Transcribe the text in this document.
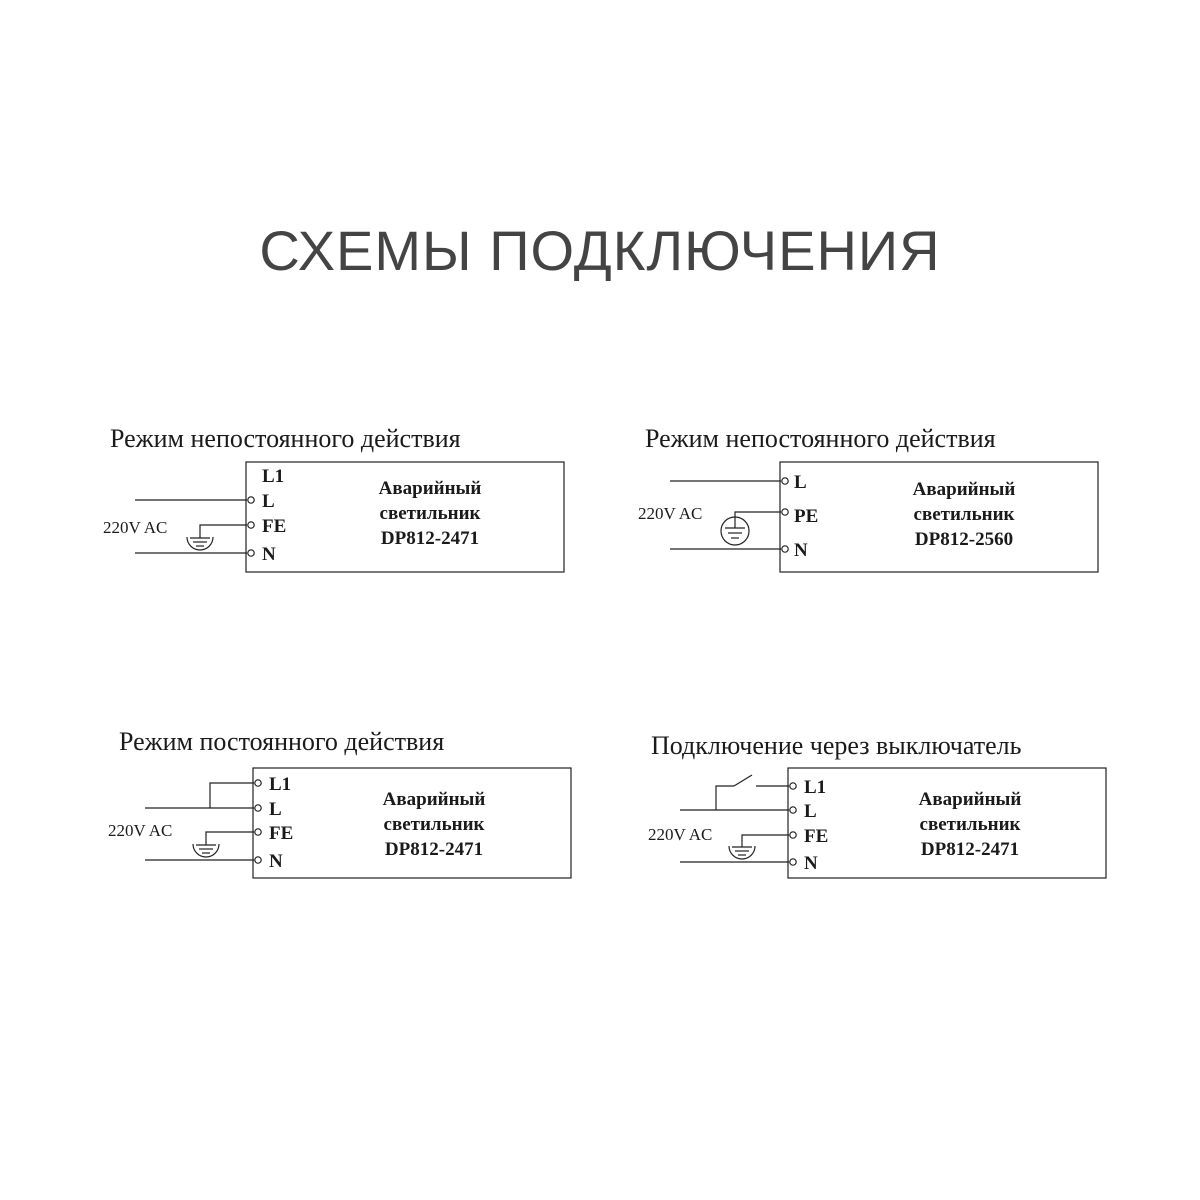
СХЕМЫ ПОДКЛЮЧЕНИЯ
Режим непостоянного действия
L1
L
FE
N
220V AC
Аварийный
светильник
DP812-2471
Режим непостоянного действия
L
PE
N
220V AC
Аварийный
светильник
DP812-2560
Режим постоянного действия
L1
L
FE
N
220V AC
Аварийный
светильник
DP812-2471
Подключение через выключатель
L1
L
FE
N
220V AC
Аварийный
светильник
DP812-2471
